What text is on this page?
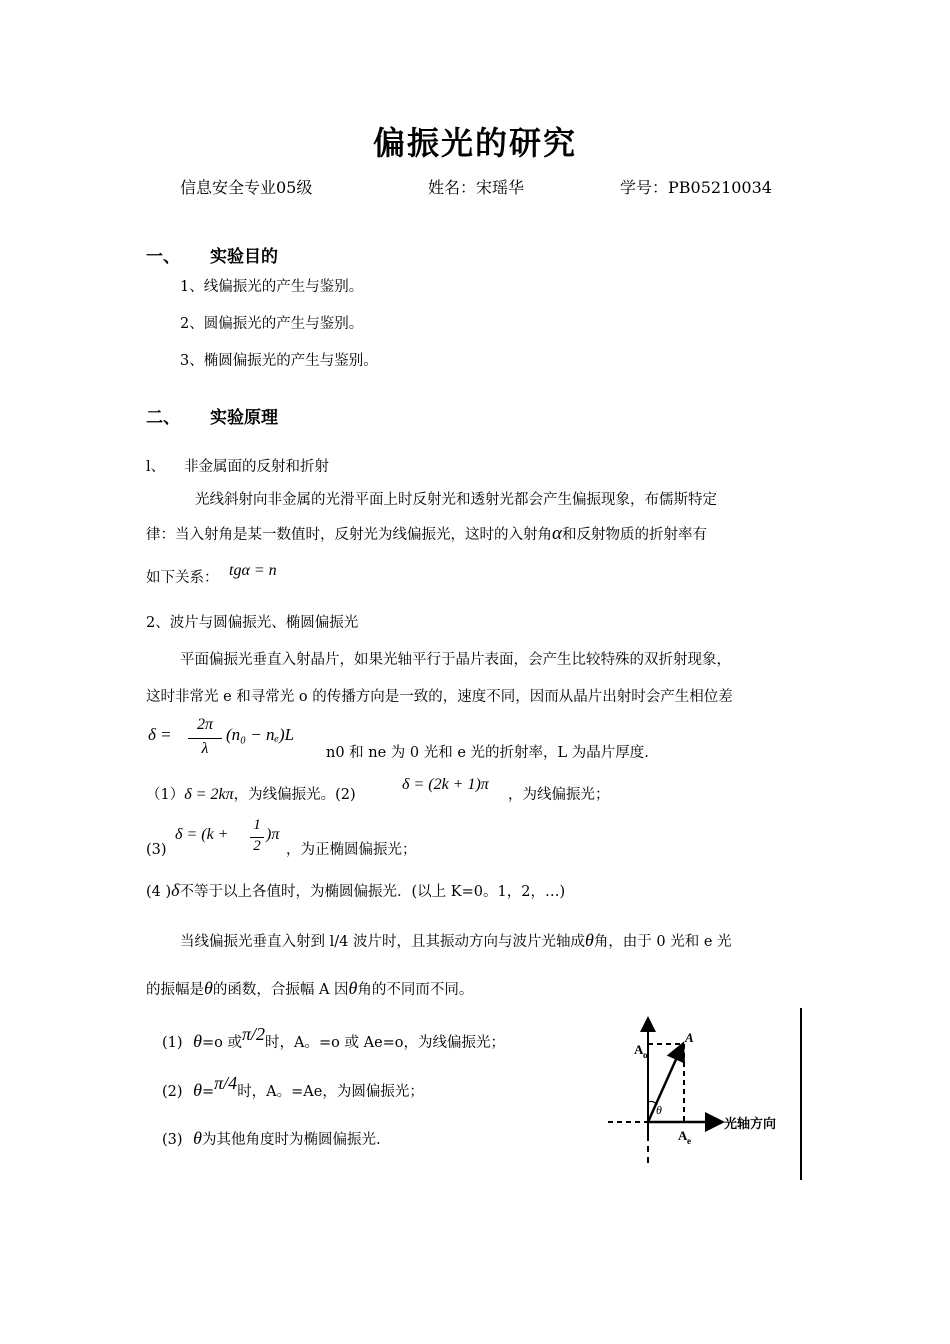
偏振光的研究
信息安全专业05级	姓名：宋瑶华	学号：PB05210034
一、 实验目的
1、线偏振光的产生与鉴别。
2、圆偏振光的产生与鉴别。
3、椭圆偏振光的产生与鉴别。
二、 实验原理
l、 非金属面的反射和折射
光线斜射向非金属的光滑平面上时反射光和透射光都会产生偏振现象，布儒斯特定
律：当入射角是某一数值时，反射光为线偏振光，这时的入射角α和反射物质的折射率有
如下关系： tgα = n
2、波片与圆偏振光、椭圆偏振光
平面偏振光垂直入射晶片，如果光轴平行于晶片表面，会产生比较特殊的双折射现象，
这时非常光 e 和寻常光 o 的传播方向是一致的，速度不同，因而从晶片出射时会产生相位差
δ =
2π
λ
(n₀ − nₑ)L
n0 和 ne 为 0 光和 e 光的折射率，L 为晶片厚度.
（1）δ = 2kπ，为线偏振光。(2)
δ = (2k + 1)π
，为线偏振光；
(3)
δ = (k +
1
2
)π
，为正椭圆偏振光；
(4 )δ不等于以上各值时，为椭圆偏振光．(以上 K=0。1，2，…)
当线偏振光垂直入射到 l/4 波片时，且其振动方向与波片光轴成θ角，由于 0 光和 e 光
的振幅是θ的函数，合振幅 A 因θ角的不同而不同。
(1) θ=o 或π/2时，A。=o 或 Ae=o，为线偏振光；
(2) θ=π/4时，A。=Ae，为圆偏振光；
(3) θ为其他角度时为椭圆偏振光.
θ
A o
A
A e
光轴方向
